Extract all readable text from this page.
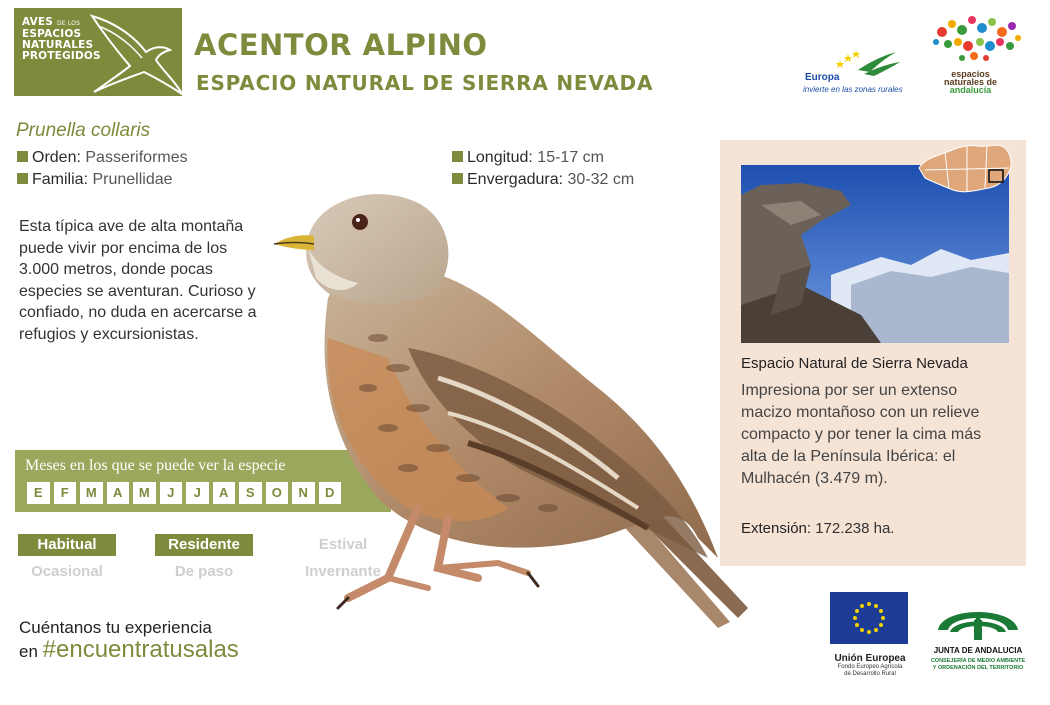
AVES DE LOS
ESPACIOS
NATURALES
PROTEGIDOS	ACENTOR ALPINO
ESPACIO NATURAL DE SIERRA NEVADA	Europa
invierte en las zonas rurales
espacios
naturales de
andalucía
Prunella collaris
Orden: Passeriformes
Familia: Prunellidae
Longitud: 15-17 cm
Envergadura: 30-32 cm
Esta típica ave de alta montaña puede vivir por encima de los 3.000 metros, donde pocas especies se aventuran. Curioso y confiado, no duda en acercarse a refugios y excursionistas.
Meses en los que se puede ver la especie
E	F	M	A	M	J	J	A	S	O	N	D
Habitual	Residente	Estival
Ocasional	De paso	Invernante
Cuéntanos tu experiencia
en #encuentratusalas
Espacio Natural de Sierra Nevada
Impresiona por ser un extenso macizo montañoso con un relieve compacto y por tener la cima más alta de la Península Ibérica: el Mulhacén (3.479 m).
Extensión: 172.238 ha.
Unión Europea
Fondo Europeo Agrícola
de Desarrollo Rural
JUNTA DE ANDALUCIA
CONSEJERÍA DE MEDIO AMBIENTE
Y ORDENACIÓN DEL TERRITORIO
